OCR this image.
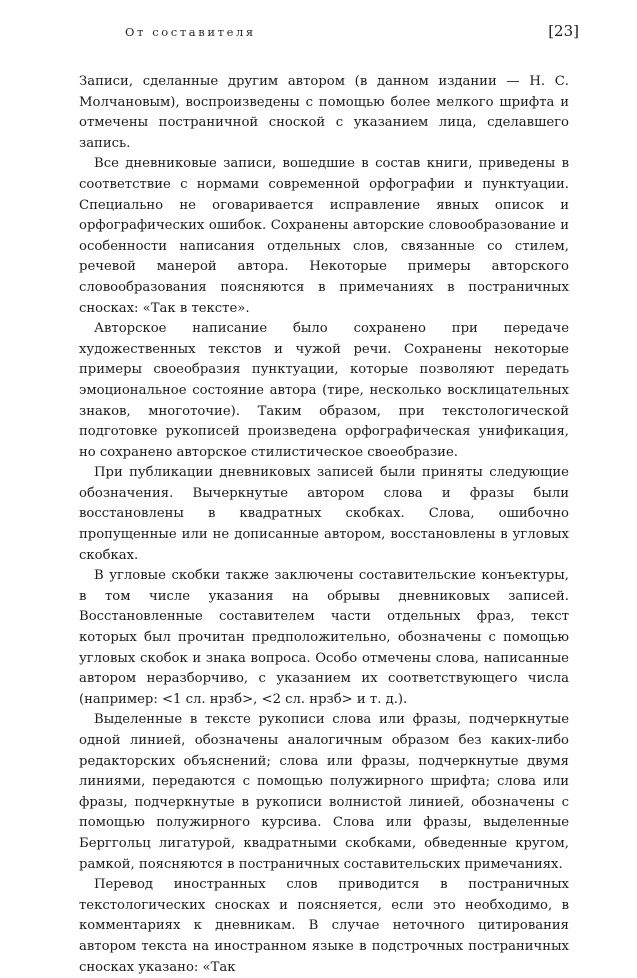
От составителя	[23]

Записи, сделанные другим автором (в данном издании — Н. С. Молчановым), воспроизведены с помощью более мелкого шрифта и отмечены постраничной сноской с указанием лица, сделавшего запись.

Все дневниковые записи, вошедшие в состав книги, приведены в соответствие с нормами современной орфографии и пунктуации. Специально не оговаривается исправление явных описок и орфографических ошибок. Сохранены авторские словообразование и особенности написания отдельных слов, связанные со стилем, речевой манерой автора. Некоторые примеры авторского словообразования поясняются в примечаниях в постраничных сносках: «Так в тексте».

Авторское написание было сохранено при передаче художественных текстов и чужой речи. Сохранены некоторые примеры своеобразия пунктуации, которые позволяют передать эмоциональное состояние автора (тире, несколько восклицательных знаков, многоточие). Таким образом, при текстологической подготовке рукописей произведена орфографическая унификация, но сохранено авторское стилистическое своеобразие.

При публикации дневниковых записей были приняты следующие обозначения. Вычеркнутые автором слова и фразы были восстановлены в квадратных скобках. Слова, ошибочно пропущенные или не дописанные автором, восстановлены в угловых скобках.

В угловые скобки также заключены составительские конъектуры, в том числе указания на обрывы дневниковых записей. Восстановленные составителем части отдельных фраз, текст которых был прочитан предположительно, обозначены с помощью угловых скобок и знака вопроса. Особо отмечены слова, написанные автором неразборчиво, с указанием их соответствующего числа (например: <1 сл. нрзб>, <2 сл. нрзб> и т. д.).

Выделенные в тексте рукописи слова или фразы, подчеркнутые одной линией, обозначены аналогичным образом без каких-либо редакторских объяснений; слова или фразы, подчеркнутые двумя линиями, передаются с помощью полужирного шрифта; слова или фразы, подчеркнутые в рукописи волнистой линией, обозначены с помощью полужирного курсива. Слова или фразы, выделенные Берггольц лигатурой, квадратными скобками, обведенные кругом, рамкой, поясняются в постраничных составительских примечаниях.

Перевод иностранных слов приводится в постраничных текстологических сносках и поясняется, если это необходимо, в комментариях к дневникам. В случае неточного цитирования автором текста на иностранном языке в подстрочных постраничных сносках указано: «Так
